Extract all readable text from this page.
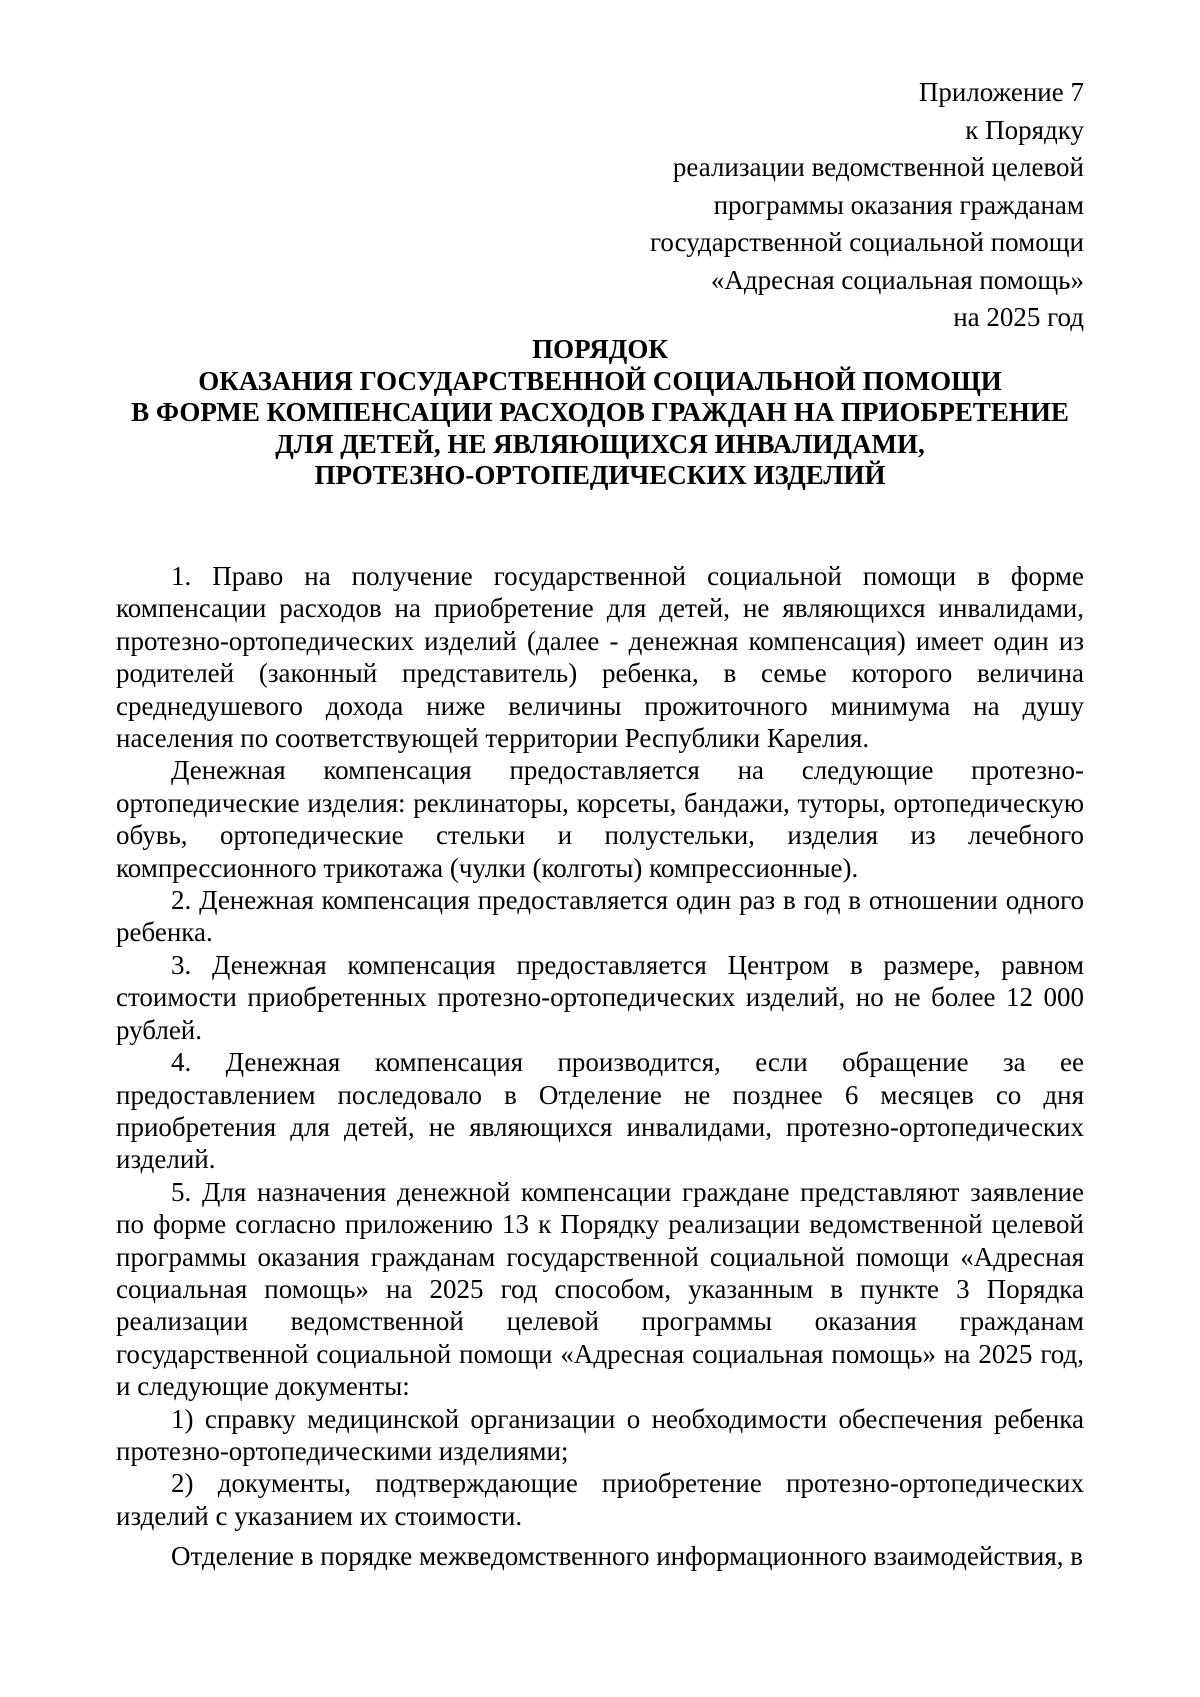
Приложение 7
к Порядку
реализации ведомственной целевой
программы оказания гражданам
государственной социальной помощи
«Адресная социальная помощь»
на 2025 год
ПОРЯДОК
ОКАЗАНИЯ ГОСУДАРСТВЕННОЙ СОЦИАЛЬНОЙ ПОМОЩИ
В ФОРМЕ КОМПЕНСАЦИИ РАСХОДОВ ГРАЖДАН НА ПРИОБРЕТЕНИЕ
ДЛЯ ДЕТЕЙ, НЕ ЯВЛЯЮЩИХСЯ ИНВАЛИДАМИ,
ПРОТЕЗНО-ОРТОПЕДИЧЕСКИХ ИЗДЕЛИЙ

1. Право на получение государственной социальной помощи в форме компенсации расходов на приобретение для детей, не являющихся инвалидами, протезно-ортопедических изделий (далее - денежная компенсация) имеет один из родителей (законный представитель) ребенка, в семье которого величина среднедушевого дохода ниже величины прожиточного минимума на душу населения по соответствующей территории Республики Карелия.

Денежная компенсация предоставляется на следующие протезно-ортопедические изделия: реклинаторы, корсеты, бандажи, туторы, ортопедическую обувь, ортопедические стельки и полустельки, изделия из лечебного компрессионного трикотажа (чулки (колготы) компрессионные).

2. Денежная компенсация предоставляется один раз в год в отношении одного ребенка.

3. Денежная компенсация предоставляется Центром в размере, равном стоимости приобретенных протезно-ортопедических изделий, но не более 12 000 рублей.

4. Денежная компенсация производится, если обращение за ее предоставлением последовало в Отделение не позднее 6 месяцев со дня приобретения для детей, не являющихся инвалидами, протезно-ортопедических изделий.

5. Для назначения денежной компенсации граждане представляют заявление по форме согласно приложению 13 к Порядку реализации ведомственной целевой программы оказания гражданам государственной социальной помощи «Адресная социальная помощь» на 2025 год способом, указанным в пункте 3 Порядка реализации ведомственной целевой программы оказания гражданам государственной социальной помощи «Адресная социальная помощь» на 2025 год, и следующие документы:

1) справку медицинской организации о необходимости обеспечения ребенка протезно-ортопедическими изделиями;

2) документы, подтверждающие приобретение протезно-ортопедических изделий с указанием их стоимости.

Отделение в порядке межведомственного информационного взаимодействия, в
